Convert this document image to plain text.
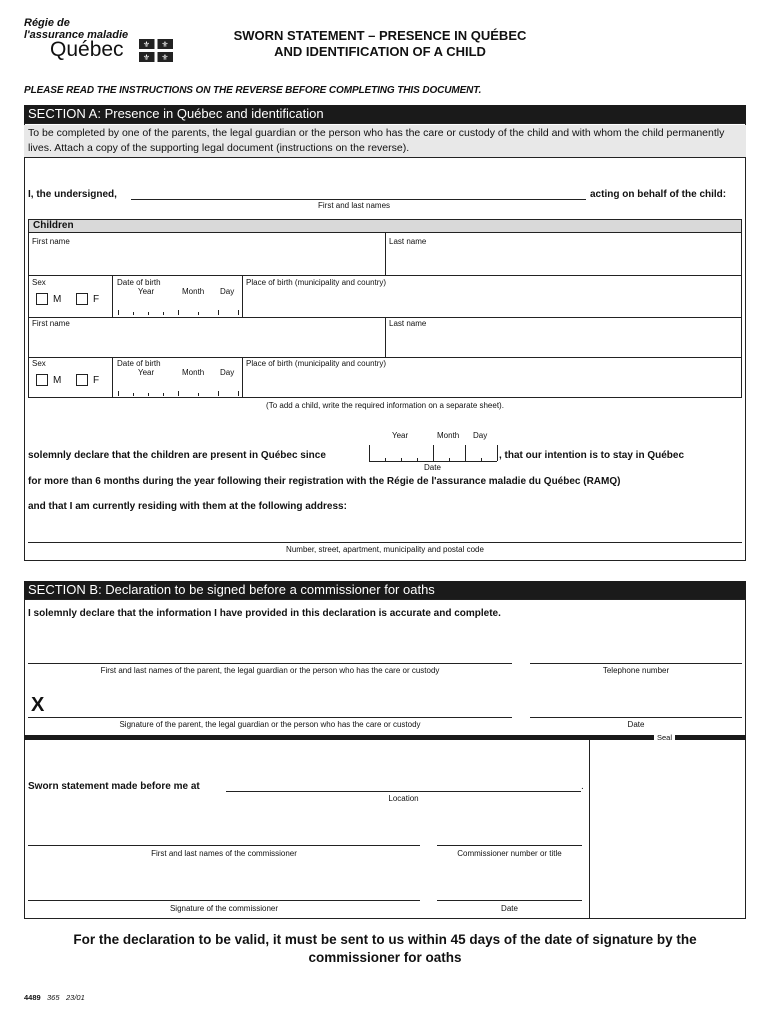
Régie de
l'assurance maladie
Québec ⚜ ⚜
⚜ ⚜
SWORN STATEMENT – PRESENCE IN QUÉBEC
AND IDENTIFICATION OF A CHILD
PLEASE READ THE INSTRUCTIONS ON THE REVERSE BEFORE COMPLETING THIS DOCUMENT.
SECTION A: Presence in Québec and identification
To be completed by one of the parents, the legal guardian or the person who has the care or custody of the child and with whom the child permanently lives. Attach a copy of the supporting legal document (instructions on the reverse).
I, the undersigned,
First and last names
acting on behalf of the child:
Children
First name	Last name
Sex
M	F
Date of birth
Year	Month Day
Place of birth (municipality and country)
First name	Last name
Sex
M	F
Date of birth
Year	Month Day
Place of birth (municipality and country)
(To add a child, write the required information on a separate sheet).
Year	Month Day
solemnly declare that the children are present in Québec since
Date
, that our intention is to stay in Québec
for more than 6 months during the year following their registration with the Régie de l'assurance maladie du Québec (RAMQ)
and that I am currently residing with them at the following address:
Number, street, apartment, municipality and postal code
SECTION B: Declaration to be signed before a commissioner for oaths
I solemnly declare that the information I have provided in this declaration is accurate and complete.
First and last names of the parent, the legal guardian or the person who has the care or custody	Telephone number
X
Signature of the parent, the legal guardian or the person who has the care or custody	Date
Seal
Sworn statement made before me at	.
Location
First and last names of the commissioner	Commissioner number or title
Signature of the commissioner	Date
For the declaration to be valid, it must be sent to us within 45 days of the date of signature by the
commissioner for oaths
4489 365 23/01
